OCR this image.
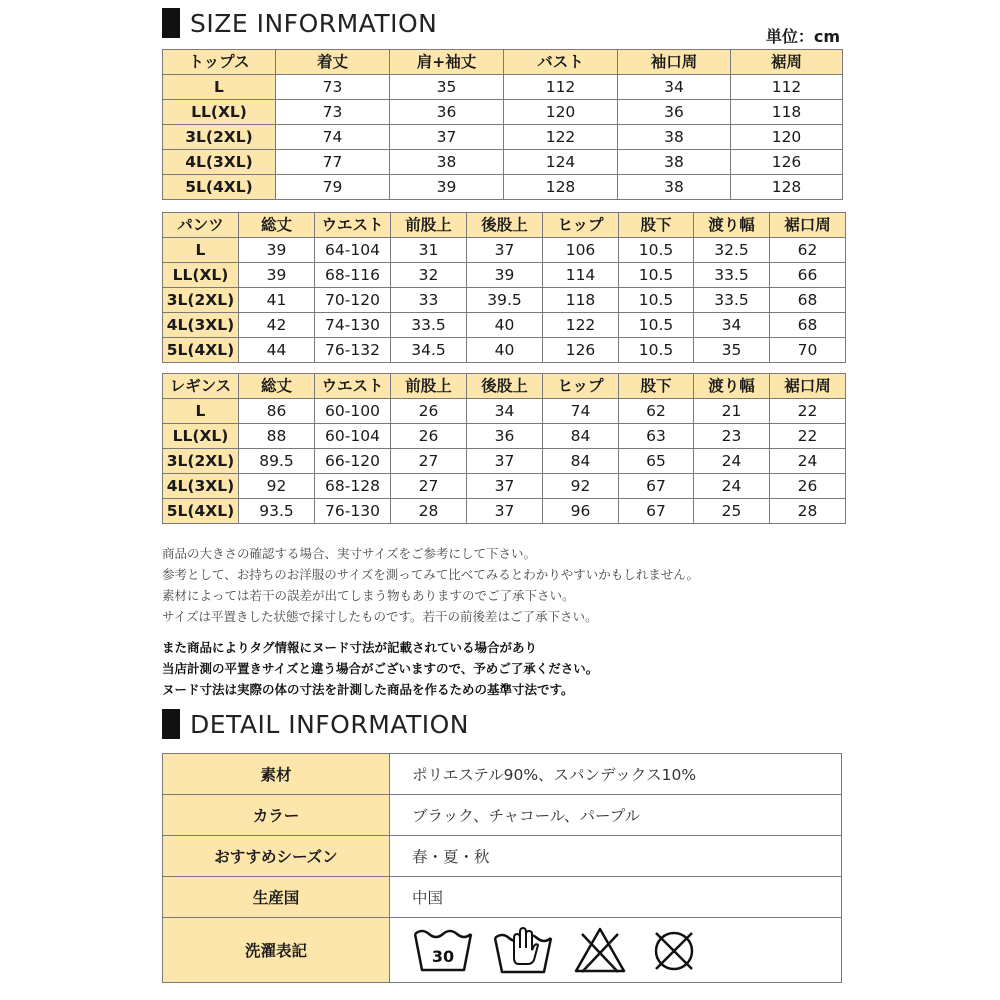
SIZE INFORMATION	単位：cm
トップス	着丈	肩+袖丈	バスト	袖口周	裾周
L	73	35	112	34	112
LL(XL)	73	36	120	36	118
3L(2XL)	74	37	122	38	120
4L(3XL)	77	38	124	38	126
5L(4XL)	79	39	128	38	128
パンツ	総丈	ウエスト	前股上	後股上	ヒップ	股下	渡り幅	裾口周
L	39	64-104	31	37	106	10.5	32.5	62
LL(XL)	39	68-116	32	39	114	10.5	33.5	66
3L(2XL)	41	70-120	33	39.5	118	10.5	33.5	68
4L(3XL)	42	74-130	33.5	40	122	10.5	34	68
5L(4XL)	44	76-132	34.5	40	126	10.5	35	70
レギンス	総丈	ウエスト	前股上	後股上	ヒップ	股下	渡り幅	裾口周
L	86	60-100	26	34	74	62	21	22
LL(XL)	88	60-104	26	36	84	63	23	22
3L(2XL)	89.5	66-120	27	37	84	65	24	24
4L(3XL)	92	68-128	27	37	92	67	24	26
5L(4XL)	93.5	76-130	28	37	96	67	25	28

商品の大きさの確認する場合、実寸サイズをご参考にして下さい。

参考として、お持ちのお洋服のサイズを測ってみて比べてみるとわかりやすいかもしれません。

素材によっては若干の誤差が出てしまう物もありますのでご了承下さい。

サイズは平置きした状態で採寸したものです。若干の前後差はご了承下さい。

また商品によりタグ情報にヌード寸法が記載されている場合があり

当店計測の平置きサイズと違う場合がございますので、予めご了承ください。

ヌード寸法は実際の体の寸法を計測した商品を作るための基準寸法です。

DETAIL INFORMATION
素材	ポリエステル90%、スパンデックス10%
カラー	ブラック、チャコール、パープル
おすすめシーズン	春・夏・秋
生産国	中国
洗濯表記	30
